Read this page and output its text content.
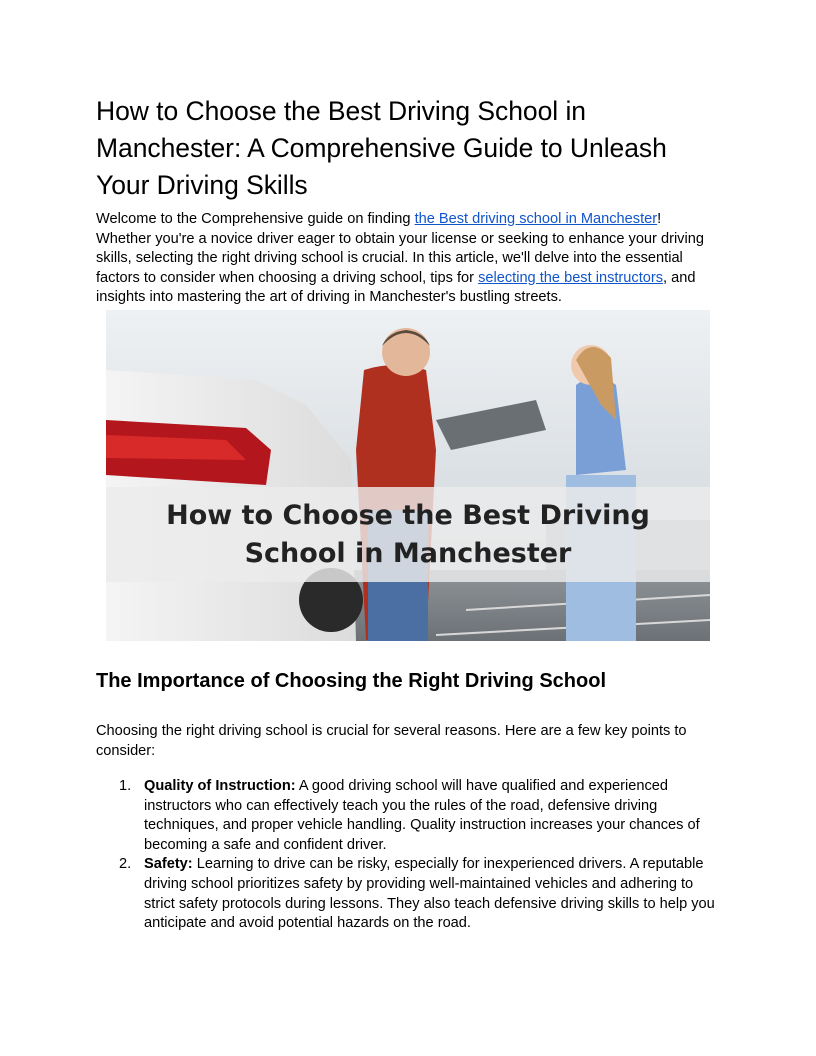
How to Choose the Best Driving School in Manchester: A Comprehensive Guide to Unleash Your Driving Skills

Welcome to the Comprehensive guide on finding the Best driving school in Manchester! Whether you're a novice driver eager to obtain your license or seeking to enhance your driving skills, selecting the right driving school is crucial. In this article, we'll delve into the essential factors to consider when choosing a driving school, tips for selecting the best instructors, and insights into mastering the art of driving in Manchester's bustling streets.

How to Choose the Best Driving School in Manchester
The Importance of Choosing the Right Driving School

Choosing the right driving school is crucial for several reasons. Here are a few key points to consider:

1. Quality of Instruction: A good driving school will have qualified and experienced instructors who can effectively teach you the rules of the road, defensive driving techniques, and proper vehicle handling. Quality instruction increases your chances of becoming a safe and confident driver.
2. Safety: Learning to drive can be risky, especially for inexperienced drivers. A reputable driving school prioritizes safety by providing well-maintained vehicles and adhering to strict safety protocols during lessons. They also teach defensive driving skills to help you anticipate and avoid potential hazards on the road.
